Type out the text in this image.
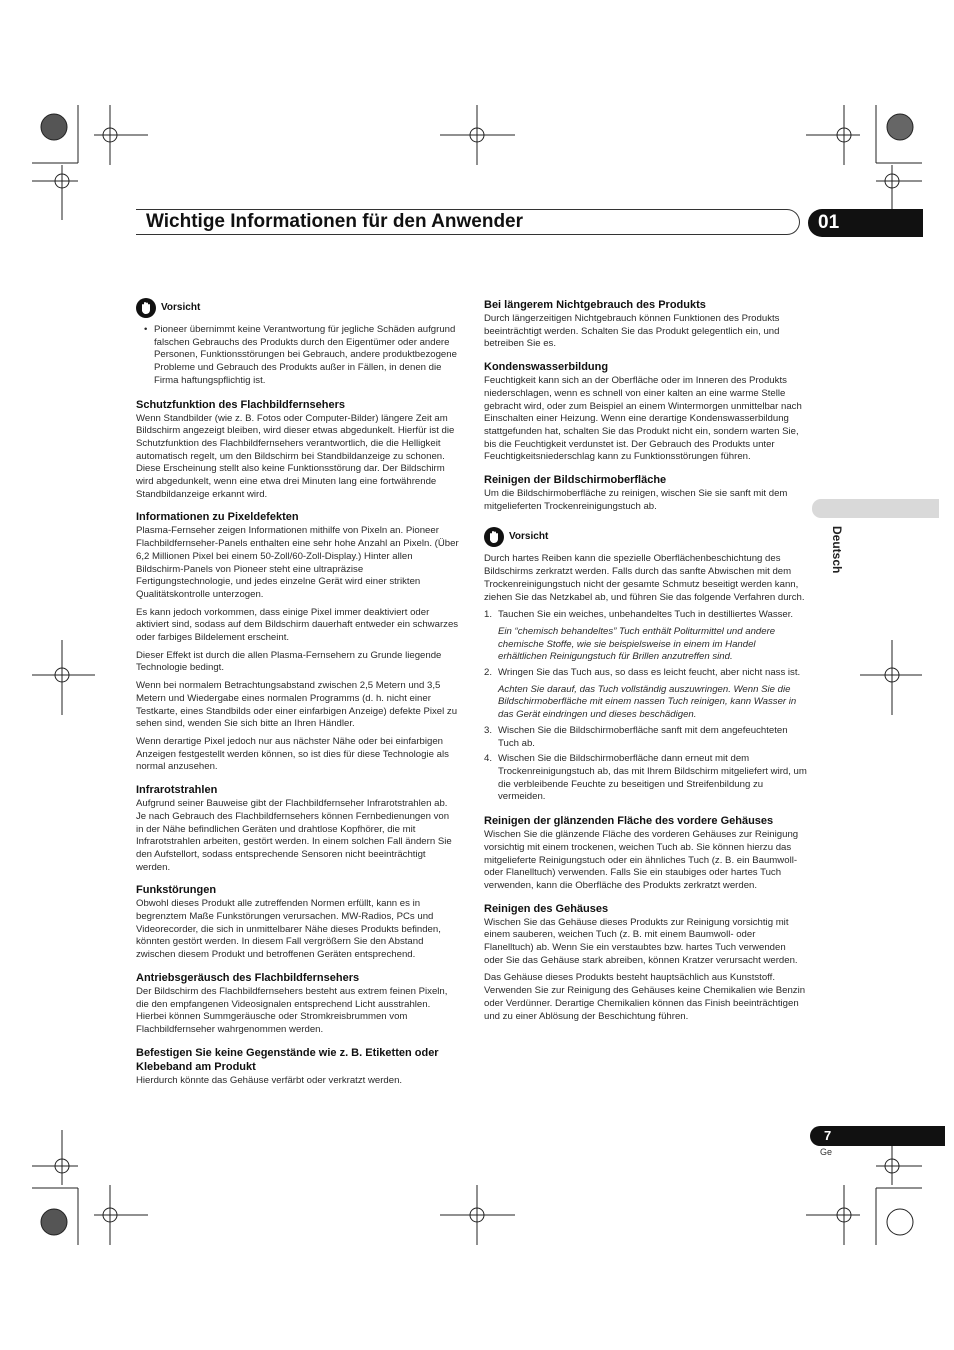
Wichtige Informationen für den Anwender	01
Deutsch
Vorsicht
• Pioneer übernimmt keine Verantwortung für jegliche Schäden aufgrund falschen Gebrauchs des Produkts durch den Eigentümer oder andere Personen, Funktionsstörungen bei Gebrauch, andere produktbezogene Probleme und Gebrauch des Produkts außer in Fällen, in denen die Firma haftungspflichtig ist.
Schutzfunktion des Flachbildfernsehers

Wenn Standbilder (wie z. B. Fotos oder Computer-Bilder) längere Zeit am Bildschirm angezeigt bleiben, wird dieser etwas abgedunkelt. Hierfür ist die Schutzfunktion des Flachbildfernsehers verantwortlich, die die Helligkeit automatisch regelt, um den Bildschirm bei Standbildanzeige zu schonen. Diese Erscheinung stellt also keine Funktionsstörung dar. Der Bildschirm wird abgedunkelt, wenn eine etwa drei Minuten lang eine fortwährende Standbildanzeige erkannt wird.

Informationen zu Pixeldefekten

Plasma-Fernseher zeigen Informationen mithilfe von Pixeln an. Pioneer Flachbildfernseher-Panels enthalten eine sehr hohe Anzahl an Pixeln. (Über 6,2 Millionen Pixel bei einem 50-Zoll/60-Zoll-Display.) Hinter allen Bildschirm-Panels von Pioneer steht eine ultrapräzise Fertigungstechnologie, und jedes einzelne Gerät wird einer strikten Qualitätskontrolle unterzogen.

Es kann jedoch vorkommen, dass einige Pixel immer deaktiviert oder aktiviert sind, sodass auf dem Bildschirm dauerhaft entweder ein schwarzes oder farbiges Bildelement erscheint.

Dieser Effekt ist durch die allen Plasma-Fernsehern zu Grunde liegende Technologie bedingt.

Wenn bei normalem Betrachtungsabstand zwischen 2,5 Metern und 3,5 Metern und Wiedergabe eines normalen Programms (d. h. nicht einer Testkarte, eines Standbilds oder einer einfarbigen Anzeige) defekte Pixel zu sehen sind, wenden Sie sich bitte an Ihren Händler.

Wenn derartige Pixel jedoch nur aus nächster Nähe oder bei einfarbigen Anzeigen festgestellt werden können, so ist dies für diese Technologie als normal anzusehen.

Infrarotstrahlen

Aufgrund seiner Bauweise gibt der Flachbildfernseher Infrarotstrahlen ab. Je nach Gebrauch des Flachbildfernsehers können Fernbedienungen von in der Nähe befindlichen Geräten und drahtlose Kopfhörer, die mit Infrarotstrahlen arbeiten, gestört werden. In einem solchen Fall ändern Sie den Aufstellort, sodass entsprechende Sensoren nicht beeinträchtigt werden.

Funkstörungen

Obwohl dieses Produkt alle zutreffenden Normen erfüllt, kann es in begrenztem Maße Funkstörungen verursachen. MW-Radios, PCs und Videorecorder, die sich in unmittelbarer Nähe dieses Produkts befinden, könnten gestört werden. In diesem Fall vergrößern Sie den Abstand zwischen diesem Produkt und betroffenen Geräten entsprechend.

Antriebsgeräusch des Flachbildfernsehers

Der Bildschirm des Flachbildfernsehers besteht aus extrem feinen Pixeln, die den empfangenen Videosignalen entsprechend Licht ausstrahlen. Hierbei können Summgeräusche oder Stromkreisbrummen vom Flachbildfernseher wahrgenommen werden.

Befestigen Sie keine Gegenstände wie z. B. Etiketten oder Klebeband am Produkt

Hierdurch könnte das Gehäuse verfärbt oder verkratzt werden.

Bei längerem Nichtgebrauch des Produkts

Durch längerzeitigen Nichtgebrauch können Funktionen des Produkts beeinträchtigt werden. Schalten Sie das Produkt gelegentlich ein, und betreiben Sie es.

Kondenswasserbildung

Feuchtigkeit kann sich an der Oberfläche oder im Inneren des Produkts niederschlagen, wenn es schnell von einer kalten an eine warme Stelle gebracht wird, oder zum Beispiel an einem Wintermorgen unmittelbar nach Einschalten einer Heizung. Wenn eine derartige Kondenswasserbildung stattgefunden hat, schalten Sie das Produkt nicht ein, sondern warten Sie, bis die Feuchtigkeit verdunstet ist. Der Gebrauch des Produkts unter Feuchtigkeitsniederschlag kann zu Funktionsstörungen führen.

Reinigen der Bildschirmoberfläche

Um die Bildschirmoberfläche zu reinigen, wischen Sie sie sanft mit dem mitgelieferten Trockenreinigungstuch ab.

Vorsicht

Durch hartes Reiben kann die spezielle Oberflächenbeschichtung des Bildschirms zerkratzt werden. Falls durch das sanfte Abwischen mit dem Trockenreinigungstuch nicht der gesamte Schmutz beseitigt werden kann, ziehen Sie das Netzkabel ab, und führen Sie das folgende Verfahren durch.

1. Tauchen Sie ein weiches, unbehandeltes Tuch in destilliertes Wasser.
Ein “chemisch behandeltes” Tuch enthält Politurmittel und andere chemische Stoffe, wie sie beispielsweise in einem im Handel erhältlichen Reinigungstuch für Brillen anzutreffen sind.
2. Wringen Sie das Tuch aus, so dass es leicht feucht, aber nicht nass ist.
Achten Sie darauf, das Tuch vollständig auszuwringen. Wenn Sie die Bildschirmoberfläche mit einem nassen Tuch reinigen, kann Wasser in das Gerät eindringen und dieses beschädigen.
3. Wischen Sie die Bildschirmoberfläche sanft mit dem angefeuchteten Tuch ab.
4. Wischen Sie die Bildschirmoberfläche dann erneut mit dem Trockenreinigungstuch ab, das mit Ihrem Bildschirm mitgeliefert wird, um die verbleibende Feuchte zu beseitigen und Streifenbildung zu vermeiden.
Reinigen der glänzenden Fläche des vordere Gehäuses

Wischen Sie die glänzende Fläche des vorderen Gehäuses zur Reinigung vorsichtig mit einem trockenen, weichen Tuch ab. Sie können hierzu das mitgelieferte Reinigungstuch oder ein ähnliches Tuch (z. B. ein Baumwoll- oder Flanelltuch) verwenden. Falls Sie ein staubiges oder hartes Tuch verwenden, kann die Oberfläche des Produkts zerkratzt werden.

Reinigen des Gehäuses

Wischen Sie das Gehäuse dieses Produkts zur Reinigung vorsichtig mit einem sauberen, weichen Tuch (z. B. mit einem Baumwoll- oder Flanelltuch) ab. Wenn Sie ein verstaubtes bzw. hartes Tuch verwenden oder Sie das Gehäuse stark abreiben, können Kratzer verursacht werden.

Das Gehäuse dieses Produkts besteht hauptsächlich aus Kunststoff. Verwenden Sie zur Reinigung des Gehäuses keine Chemikalien wie Benzin oder Verdünner. Derartige Chemikalien können das Finish beeinträchtigen und zu einer Ablösung der Beschichtung führen.

7
Ge
